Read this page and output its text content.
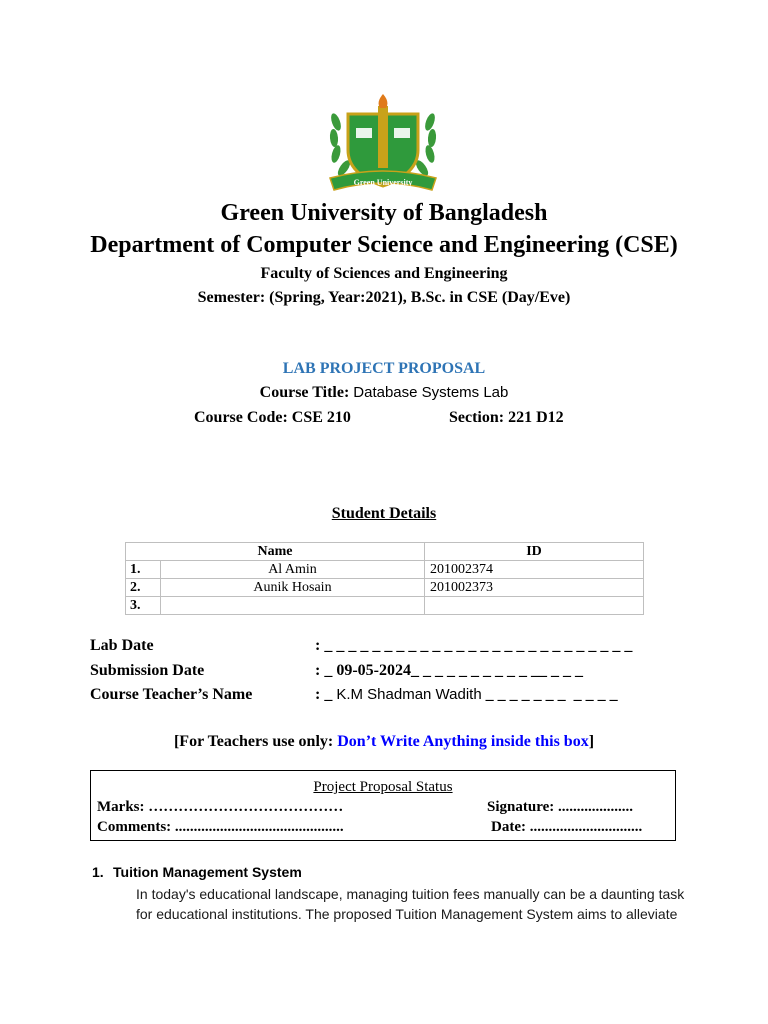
Green University
Green University of Bangladesh
Department of Computer Science and Engineering (CSE)
Faculty of Sciences and Engineering
Semester: (Spring, Year:2021), B.Sc. in CSE (Day/Eve)
LAB PROJECT PROPOSAL
Course Title: Database Systems Lab
Course Code: CSE 210	Section: 221 D12
Student Details
Name		ID
1.	Al Amin	201002374
2.	Aunik Hosain	201002373
3.		
Lab Date	: _ _ _ _ _ _ _ _ _ _ _ _ _ _ _ _ _ _ _ _ _ _ _ _ _ _
Submission Date	: _ 09-05-2024_ _ _ _ _ _ _ _ _ _ __ _ _ _
Course Teacher’s Name	: _ K.M Shadman Wadith _ _ _ _ _ _ _  _ _ _ _
[For Teachers use only: Don’t Write Anything inside this box]
Project Proposal Status
Marks: …………………………………	Signature: ....................
Comments: .............................................	Date: ..............................
1. Tuition Management System
In today's educational landscape, managing tuition fees manually can be a daunting task for educational institutions. The proposed Tuition Management System aims to alleviate
